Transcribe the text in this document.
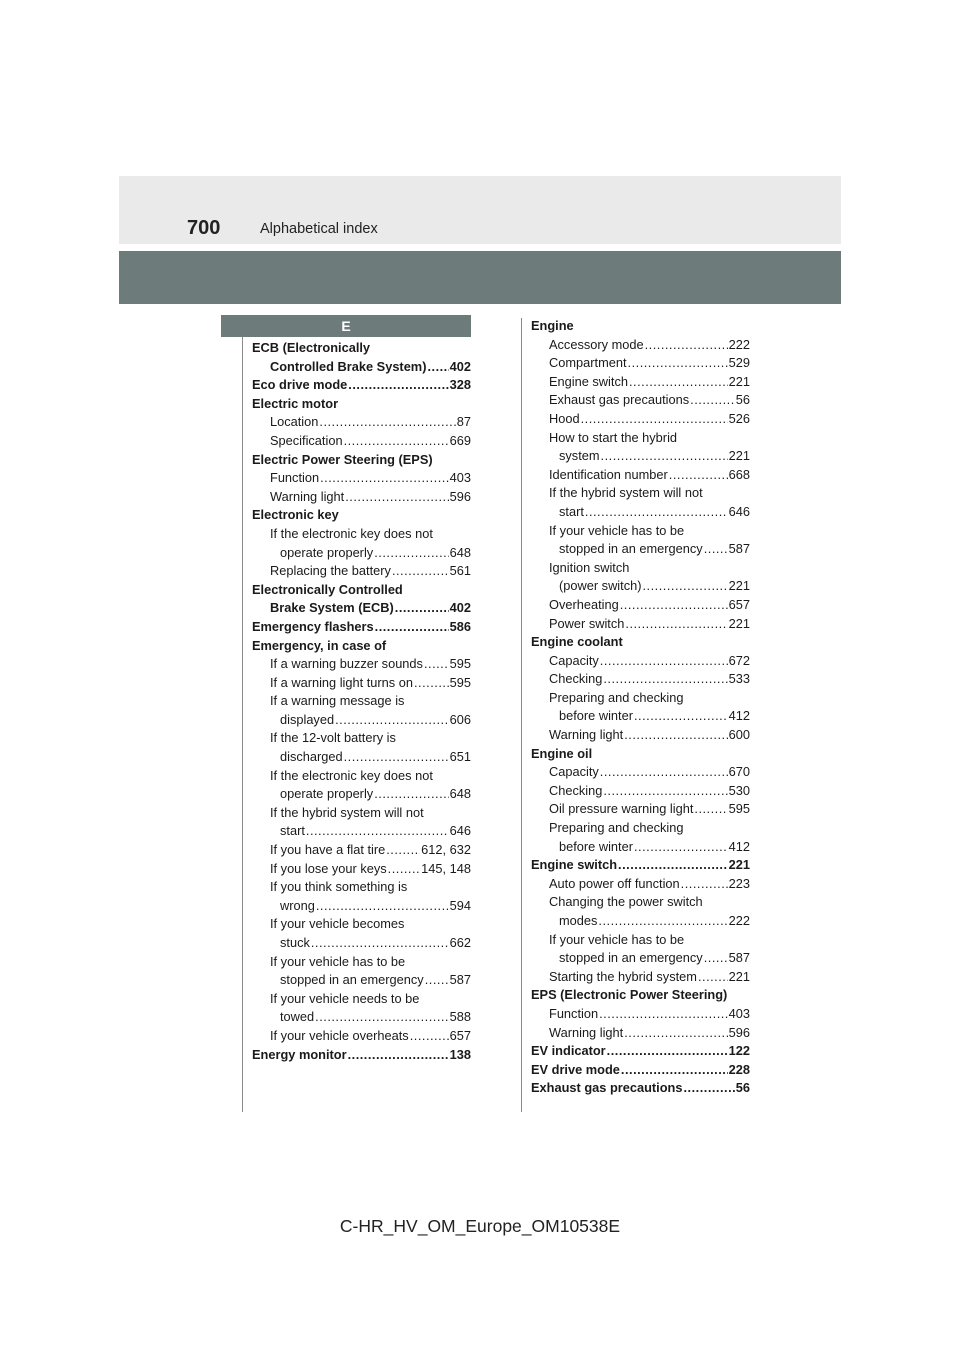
700	Alphabetical index
E
ECB (Electronically
Controlled Brake System) ..... 402
Eco drive mode .....	328
Electric motor
Location .....	87
Specification .....	669
Electric Power Steering (EPS)
Function .....	403
Warning light .....	596
Electronic key
If the electronic key does not
operate properly .....	648
Replacing the battery .....	561
Electronically Controlled
Brake System (ECB) .....	402
Emergency flashers .....	586
Emergency, in case of
If a warning buzzer sounds ..... 595
If a warning light turns on .....	595
If a warning message is
displayed .....	606
If the 12-volt battery is
discharged .....	651
If the electronic key does not
operate properly .....	648
If the hybrid system will not
start .....	646
If you have a flat tire .....	612, 632
If you lose your keys .....	145, 148
If you think something is
wrong .....	594
If your vehicle becomes
stuck .....	662
If your vehicle has to be
stopped in an emergency ..... 587
If your vehicle needs to be
towed .....	588
If your vehicle overheats .....	657
Energy monitor .....	138
Engine
Accessory mode .....	222
Compartment .....	529
Engine switch .....	221
Exhaust gas precautions .....	56
Hood .....	526
How to start the hybrid
system .....	221
Identification number .....	668
If the hybrid system will not
start .....	646
If your vehicle has to be
stopped in an emergency ..... 587
Ignition switch
(power switch) .....	221
Overheating .....	657
Power switch .....	221
Engine coolant
Capacity .....	672
Checking .....	533
Preparing and checking
before winter .....	412
Warning light .....	600
Engine oil
Capacity .....	670
Checking .....	530
Oil pressure warning light .....	595
Preparing and checking
before winter .....	412
Engine switch .....	221
Auto power off function .....	223
Changing the power switch
modes .....	222
If your vehicle has to be
stopped in an emergency ..... 587
Starting the hybrid system ..... 221
EPS (Electronic Power Steering)
Function .....	403
Warning light .....	596
EV indicator .....	122
EV drive mode .....	228
Exhaust gas precautions .....	56
C-HR_HV_OM_Europe_OM10538E
